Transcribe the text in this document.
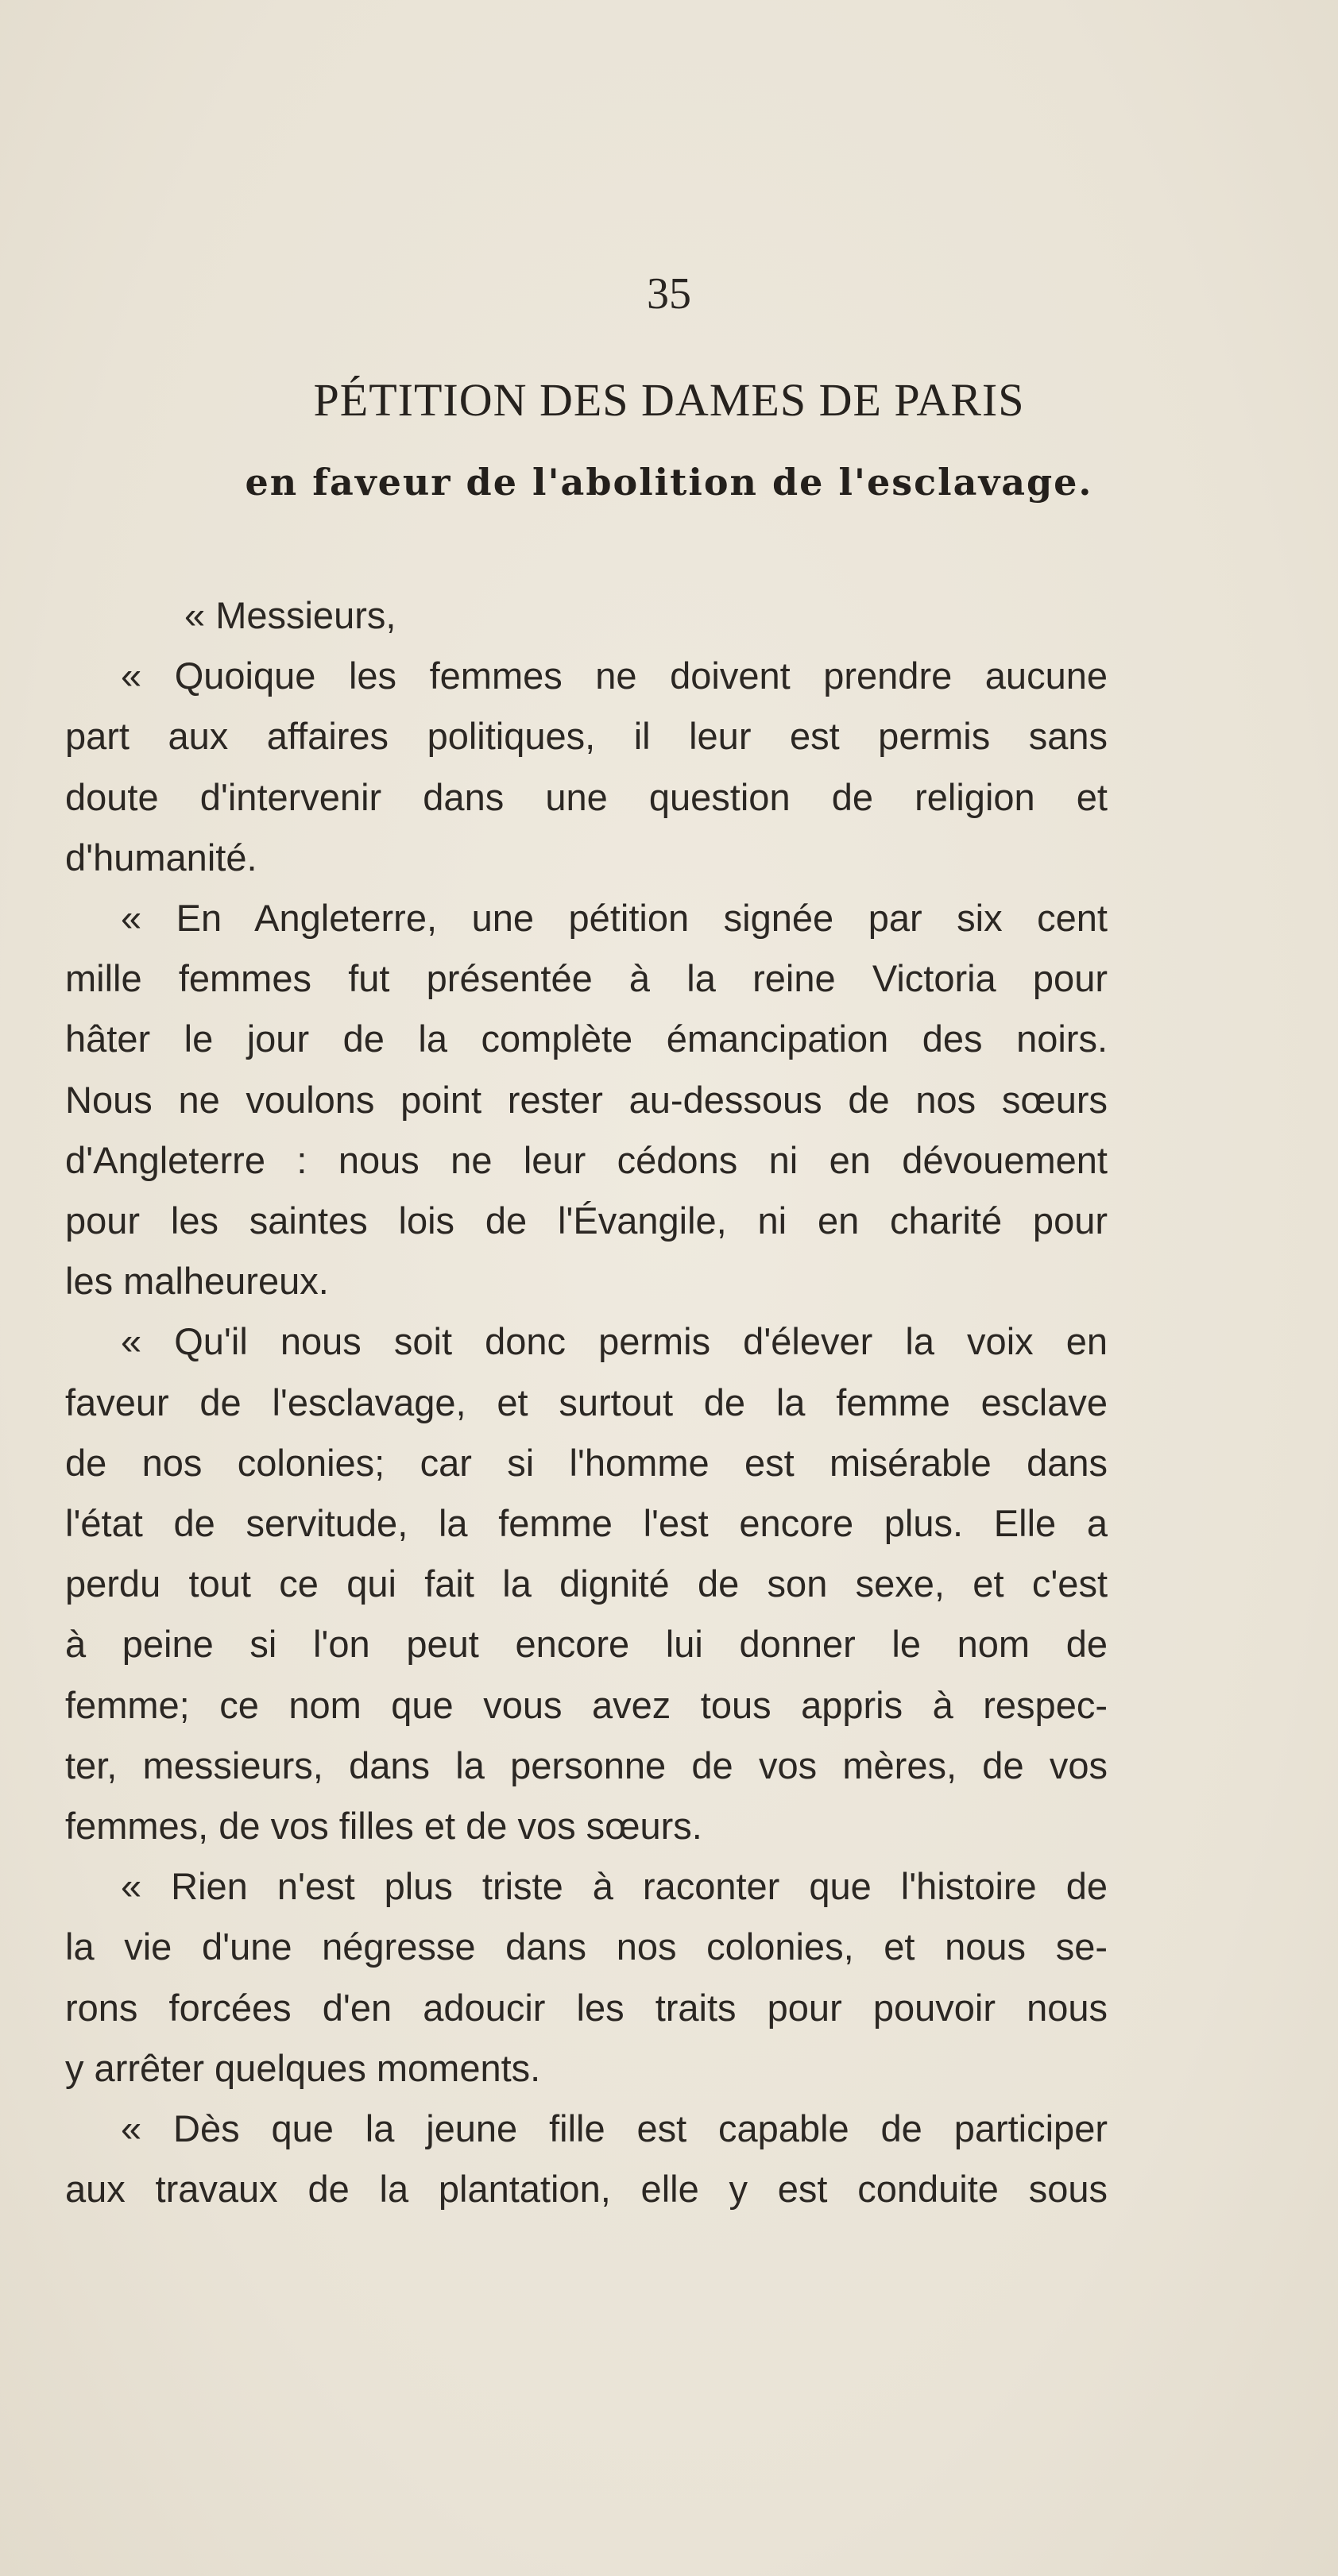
35
PÉTITION DES DAMES DE PARIS
en faveur de l'abolition de l'esclavage.
« Messieurs,
« Quoique les femmes ne doivent prendre aucune
part aux affaires politiques, il leur est permis sans
doute d'intervenir dans une question de religion et
d'humanité.
« En Angleterre, une pétition signée par six cent
mille femmes fut présentée à la reine Victoria pour
hâter le jour de la complète émancipation des noirs.
Nous ne voulons point rester au-dessous de nos sœurs
d'Angleterre : nous ne leur cédons ni en dévouement
pour les saintes lois de l'Évangile, ni en charité pour
les malheureux.
« Qu'il nous soit donc permis d'élever la voix en
faveur de l'esclavage, et surtout de la femme esclave
de nos colonies; car si l'homme est misérable dans
l'état de servitude, la femme l'est encore plus. Elle a
perdu tout ce qui fait la dignité de son sexe, et c'est
à peine si l'on peut encore lui donner le nom de
femme; ce nom que vous avez tous appris à respec-
ter, messieurs, dans la personne de vos mères, de vos
femmes, de vos filles et de vos sœurs.
« Rien n'est plus triste à raconter que l'histoire de
la vie d'une négresse dans nos colonies, et nous se-
rons forcées d'en adoucir les traits pour pouvoir nous
y arrêter quelques moments.
« Dès que la jeune fille est capable de participer
aux travaux de la plantation, elle y est conduite sous
